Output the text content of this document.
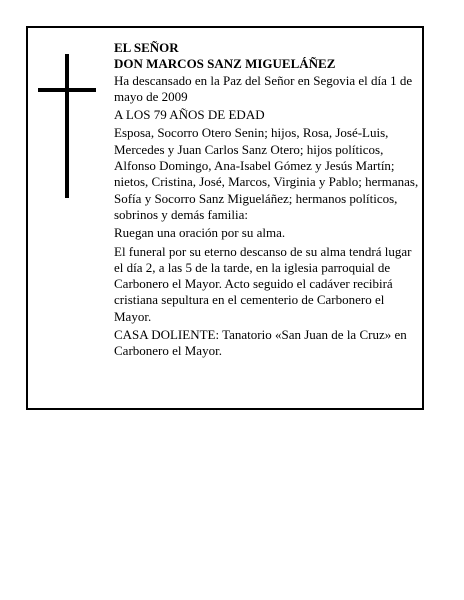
EL SEÑOR

DON MARCOS SANZ MIGUELÁÑEZ

Ha descansado en la Paz del Señor en Segovia el día 1 de mayo de 2009

A LOS 79 AÑOS DE EDAD

Esposa, Socorro Otero Senin; hijos, Rosa, José-Luis, Mercedes y Juan Carlos Sanz Otero; hijos políticos, Alfonso Domingo, Ana-Isabel Gómez y Jesús Martín; nietos, Cristina, José, Marcos, Virginia y Pablo; hermanas, Sofía y Socorro Sanz Migueláñez; hermanos políticos, sobrinos y demás familia:

Ruegan una oración por su alma.

El funeral por su eterno descanso de su alma tendrá lugar el día 2, a las 5 de la tarde, en la iglesia parroquial de Carbonero el Mayor. Acto seguido el cadáver recibirá cristiana sepultura en el cementerio de Carbonero el Mayor.

CASA DOLIENTE: Tanatorio «San Juan de la Cruz» en Carbonero el Mayor.
